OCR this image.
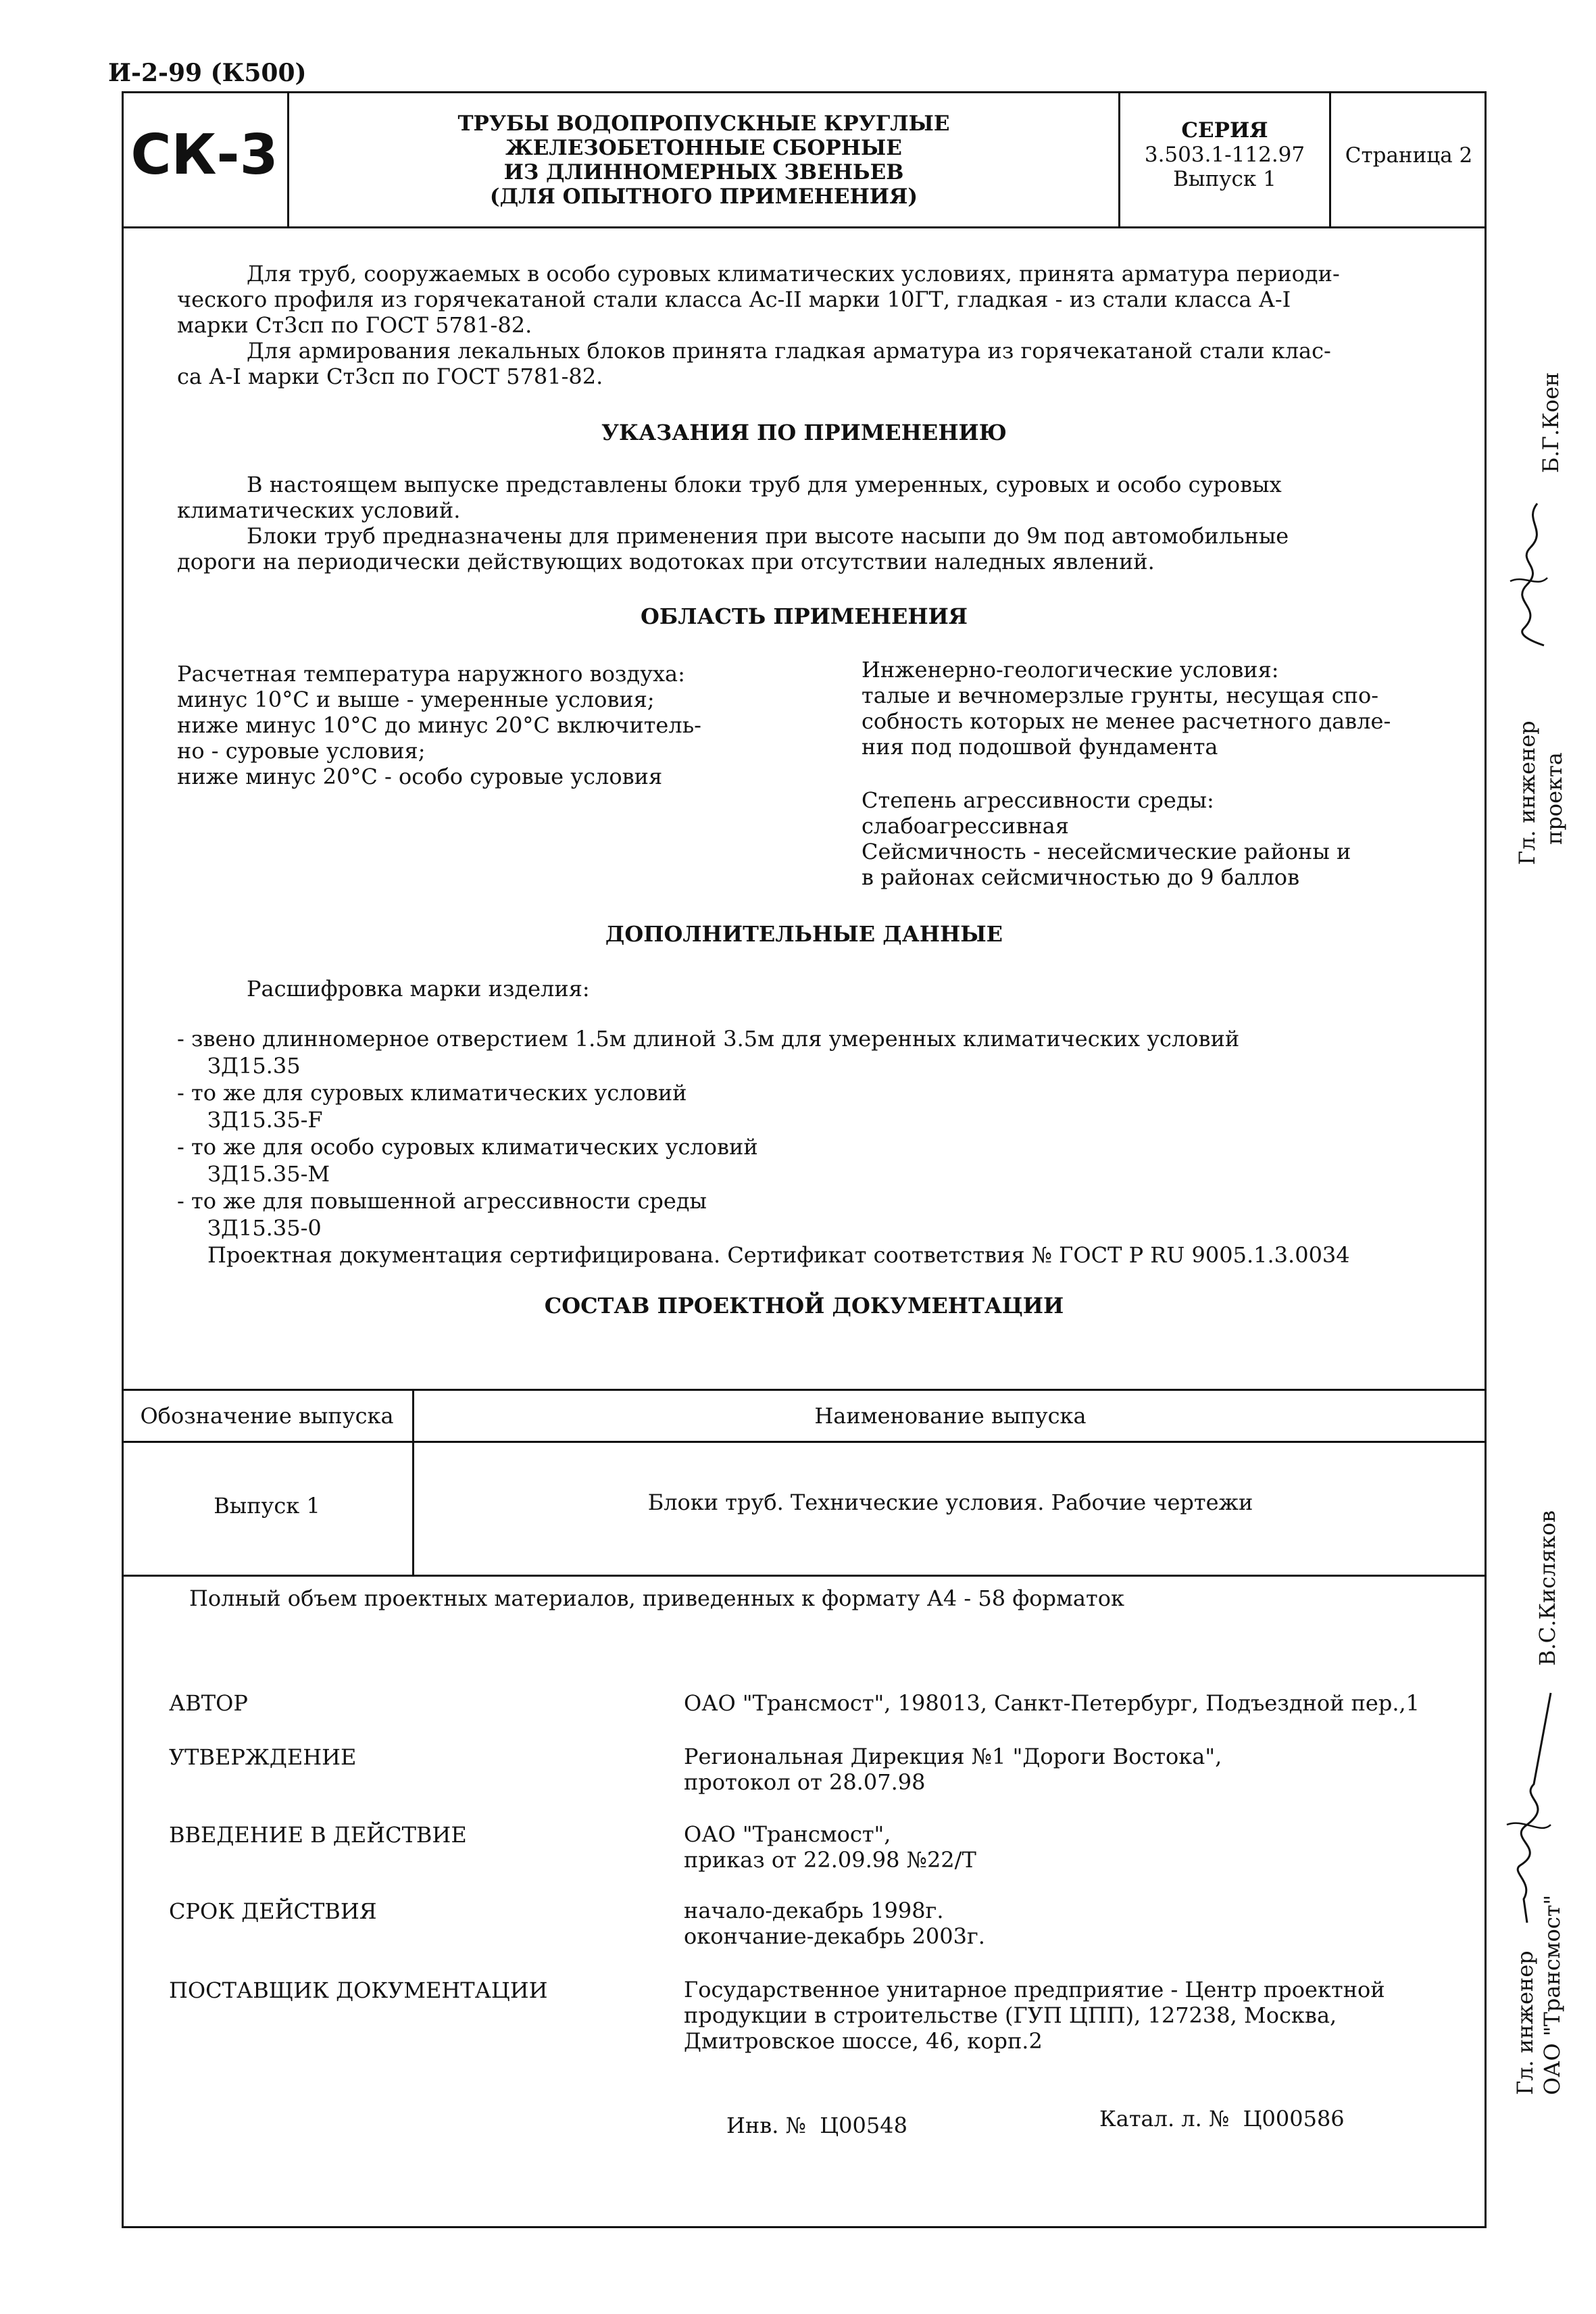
И-2-99 (К500)
СК-3	ТРУБЫ ВОДОПРОПУСКНЫЕ КРУГЛЫЕ
ЖЕЛЕЗОБЕТОННЫЕ СБОРНЫЕ
ИЗ ДЛИННОМЕРНЫХ ЗВЕНЬЕВ
(ДЛЯ ОПЫТНОГО ПРИМЕНЕНИЯ)
СЕРИЯ
3.503.1-112.97
Выпуск 1
Страница 2
Для труб, сооружаемых в особо суровых климатических условиях, принята арматура периоди-
ческого профиля из горячекатаной стали класса Ас-II марки 10ГТ, гладкая - из стали класса А-I
марки Ст3сп по ГОСТ 5781-82.
Для армирования лекальных блоков принята гладкая арматура из горячекатаной стали клас-
са А-I марки Ст3сп по ГОСТ 5781-82.
УКАЗАНИЯ ПО ПРИМЕНЕНИЮ
В настоящем выпуске представлены блоки труб для умеренных, суровых и особо суровых
климатических условий.
Блоки труб предназначены для применения при высоте насыпи до 9м под автомобильные
дороги на периодически действующих водотоках при отсутствии наледных явлений.
ОБЛАСТЬ ПРИМЕНЕНИЯ
Расчетная температура наружного воздуха:
минус 10°С и выше - умеренные условия;
ниже минус 10°С до минус 20°С включитель-
но - суровые условия;
ниже минус 20°С - особо суровые условия
Инженерно-геологические условия:
талые и вечномерзлые грунты, несущая спо-
собность которых не менее расчетного давле-
ния под подошвой фундамента
Степень агрессивности среды:
слабоагрессивная
Сейсмичность - несейсмические районы и
в районах сейсмичностью до 9 баллов
ДОПОЛНИТЕЛЬНЫЕ ДАННЫЕ
Расшифровка марки изделия:
- звено длинномерное отверстием 1.5м длиной 3.5м для умеренных климатических условий
ЗД15.35
- то же для суровых климатических условий
ЗД15.35-F
- то же для особо суровых климатических условий
ЗД15.35-М
- то же для повышенной агрессивности среды
ЗД15.35-0
Проектная документация сертифицирована. Сертификат соответствия № ГОСТ Р RU 9005.1.3.0034
СОСТАВ ПРОЕКТНОЙ ДОКУМЕНТАЦИИ
Обозначение выпуска	Наименование выпуска
Выпуск 1	Блоки труб. Технические условия. Рабочие чертежи
Полный объем проектных материалов, приведенных к формату А4 - 58 форматок
АВТОР	ОАО "Трансмост", 198013, Санкт-Петербург, Подъездной пер.,1
УТВЕРЖДЕНИЕ	Региональная Дирекция №1 "Дороги Востока",
протокол от 28.07.98
ВВЕДЕНИЕ В ДЕЙСТВИЕ	ОАО "Трансмост",
приказ от 22.09.98 №22/Т
СРОК ДЕЙСТВИЯ	начало-декабрь 1998г.
окончание-декабрь 2003г.
ПОСТАВЩИК ДОКУМЕНТАЦИИ	Государственное унитарное предприятие - Центр проектной
продукции в строительстве (ГУП ЦПП), 127238, Москва,
Дмитровское шоссе, 46, корп.2
Инв. № Ц00548	Катал. л. № Ц000586
Б.Г.Коен
Гл. инженер проекта
В.С.Кисляков
Гл. инженер ОАО "Трансмост"
